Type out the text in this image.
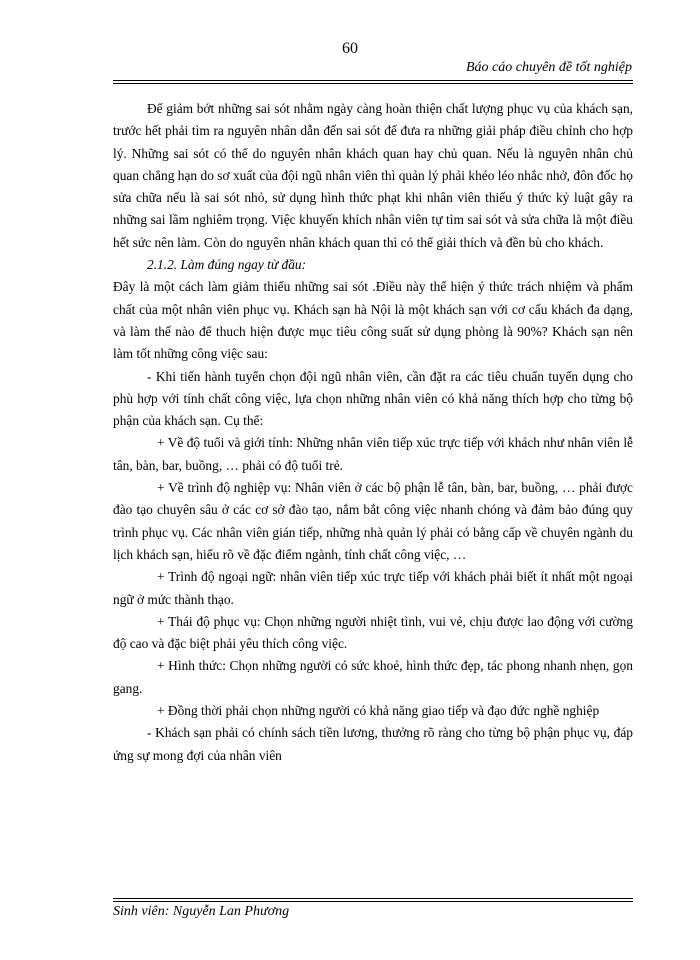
60
Báo cáo chuyên đề tốt nghiệp

Để giảm bớt những sai sót nhằm ngày càng hoàn thiện chất lượng phục vụ của khách sạn, trước hết phải tìm ra nguyên nhân dẫn đến sai sót để đưa ra những giải pháp điều chỉnh cho hợp lý. Những sai sót có thể do nguyên nhân khách quan hay chủ quan. Nếu là nguyên nhân chủ quan chẳng hạn do sơ xuất của đội ngũ nhân viên thì quản lý phải khéo léo nhắc nhở, đôn đốc họ sửa chữa nếu là sai sót nhỏ, sử dụng hình thức phạt khi nhân viên thiếu ý thức kỷ luật gây ra những sai lầm nghiêm trọng. Việc khuyến khích nhân viên tự tìm sai sót và sửa chữa là một điều hết sức nên làm. Còn do nguyên nhân khách quan thì có thể giải thích và đền bù cho khách.

2.1.2. Làm đúng ngay từ đầu:

Đây là một cách làm giảm thiểu những sai sót .Điều này thể hiện ý thức trách nhiệm và phẩm chất của một nhân viên phục vụ. Khách sạn hà Nội là một khách sạn với cơ cấu khách đa dạng, và làm thế nào để thuch hiện được mục tiêu công suất sử dụng phòng là 90%? Khách sạn nên làm tốt những công việc sau:

- Khi tiến hành tuyển chọn đội ngũ nhân viên, cần đặt ra các tiêu chuẩn tuyển dụng cho phù hợp với tính chất công việc, lựa chọn những nhân viên có khả năng thích hợp cho từng bộ phận của khách sạn. Cụ thể:

+ Về độ tuổi và giới tính: Những nhân viên tiếp xúc trực tiếp với khách như nhân viên lễ tân, bàn, bar, buồng, … phải có độ tuổi trẻ.

+ Về trình độ nghiệp vụ: Nhân viên ở các bộ phận lễ tân, bàn, bar, buồng, … phải được đào tạo chuyên sâu ở các cơ sở đào tạo, nắm bắt công việc nhanh chóng và đảm bảo đúng quy trình phục vụ. Các nhân viên gián tiếp, những nhà quản lý phải có bằng cấp về chuyên ngành du lịch khách sạn, hiểu rõ về đặc điểm ngành, tính chất công việc, …

+ Trình độ ngoại ngữ: nhân viên tiếp xúc trực tiếp với khách phải biết ít nhất một ngoại ngữ ở mức thành thạo.

+ Thái độ phục vụ: Chọn những người nhiệt tình, vui vẻ, chịu được lao động với cường độ cao và đặc biệt phải yêu thích công việc.

+ Hình thức: Chọn những người có sức khoẻ, hình thức đẹp, tác phong nhanh nhẹn, gọn gang.

+ Đồng thời phải chọn những người có khả năng giao tiếp và đạo đức nghề nghiệp

- Khách sạn phải có chính sách tiền lương, thưởng rõ ràng cho từng bộ phận phục vụ, đáp ứng sự mong đợi của nhân viên

Sinh viên: Nguyễn Lan Phương
